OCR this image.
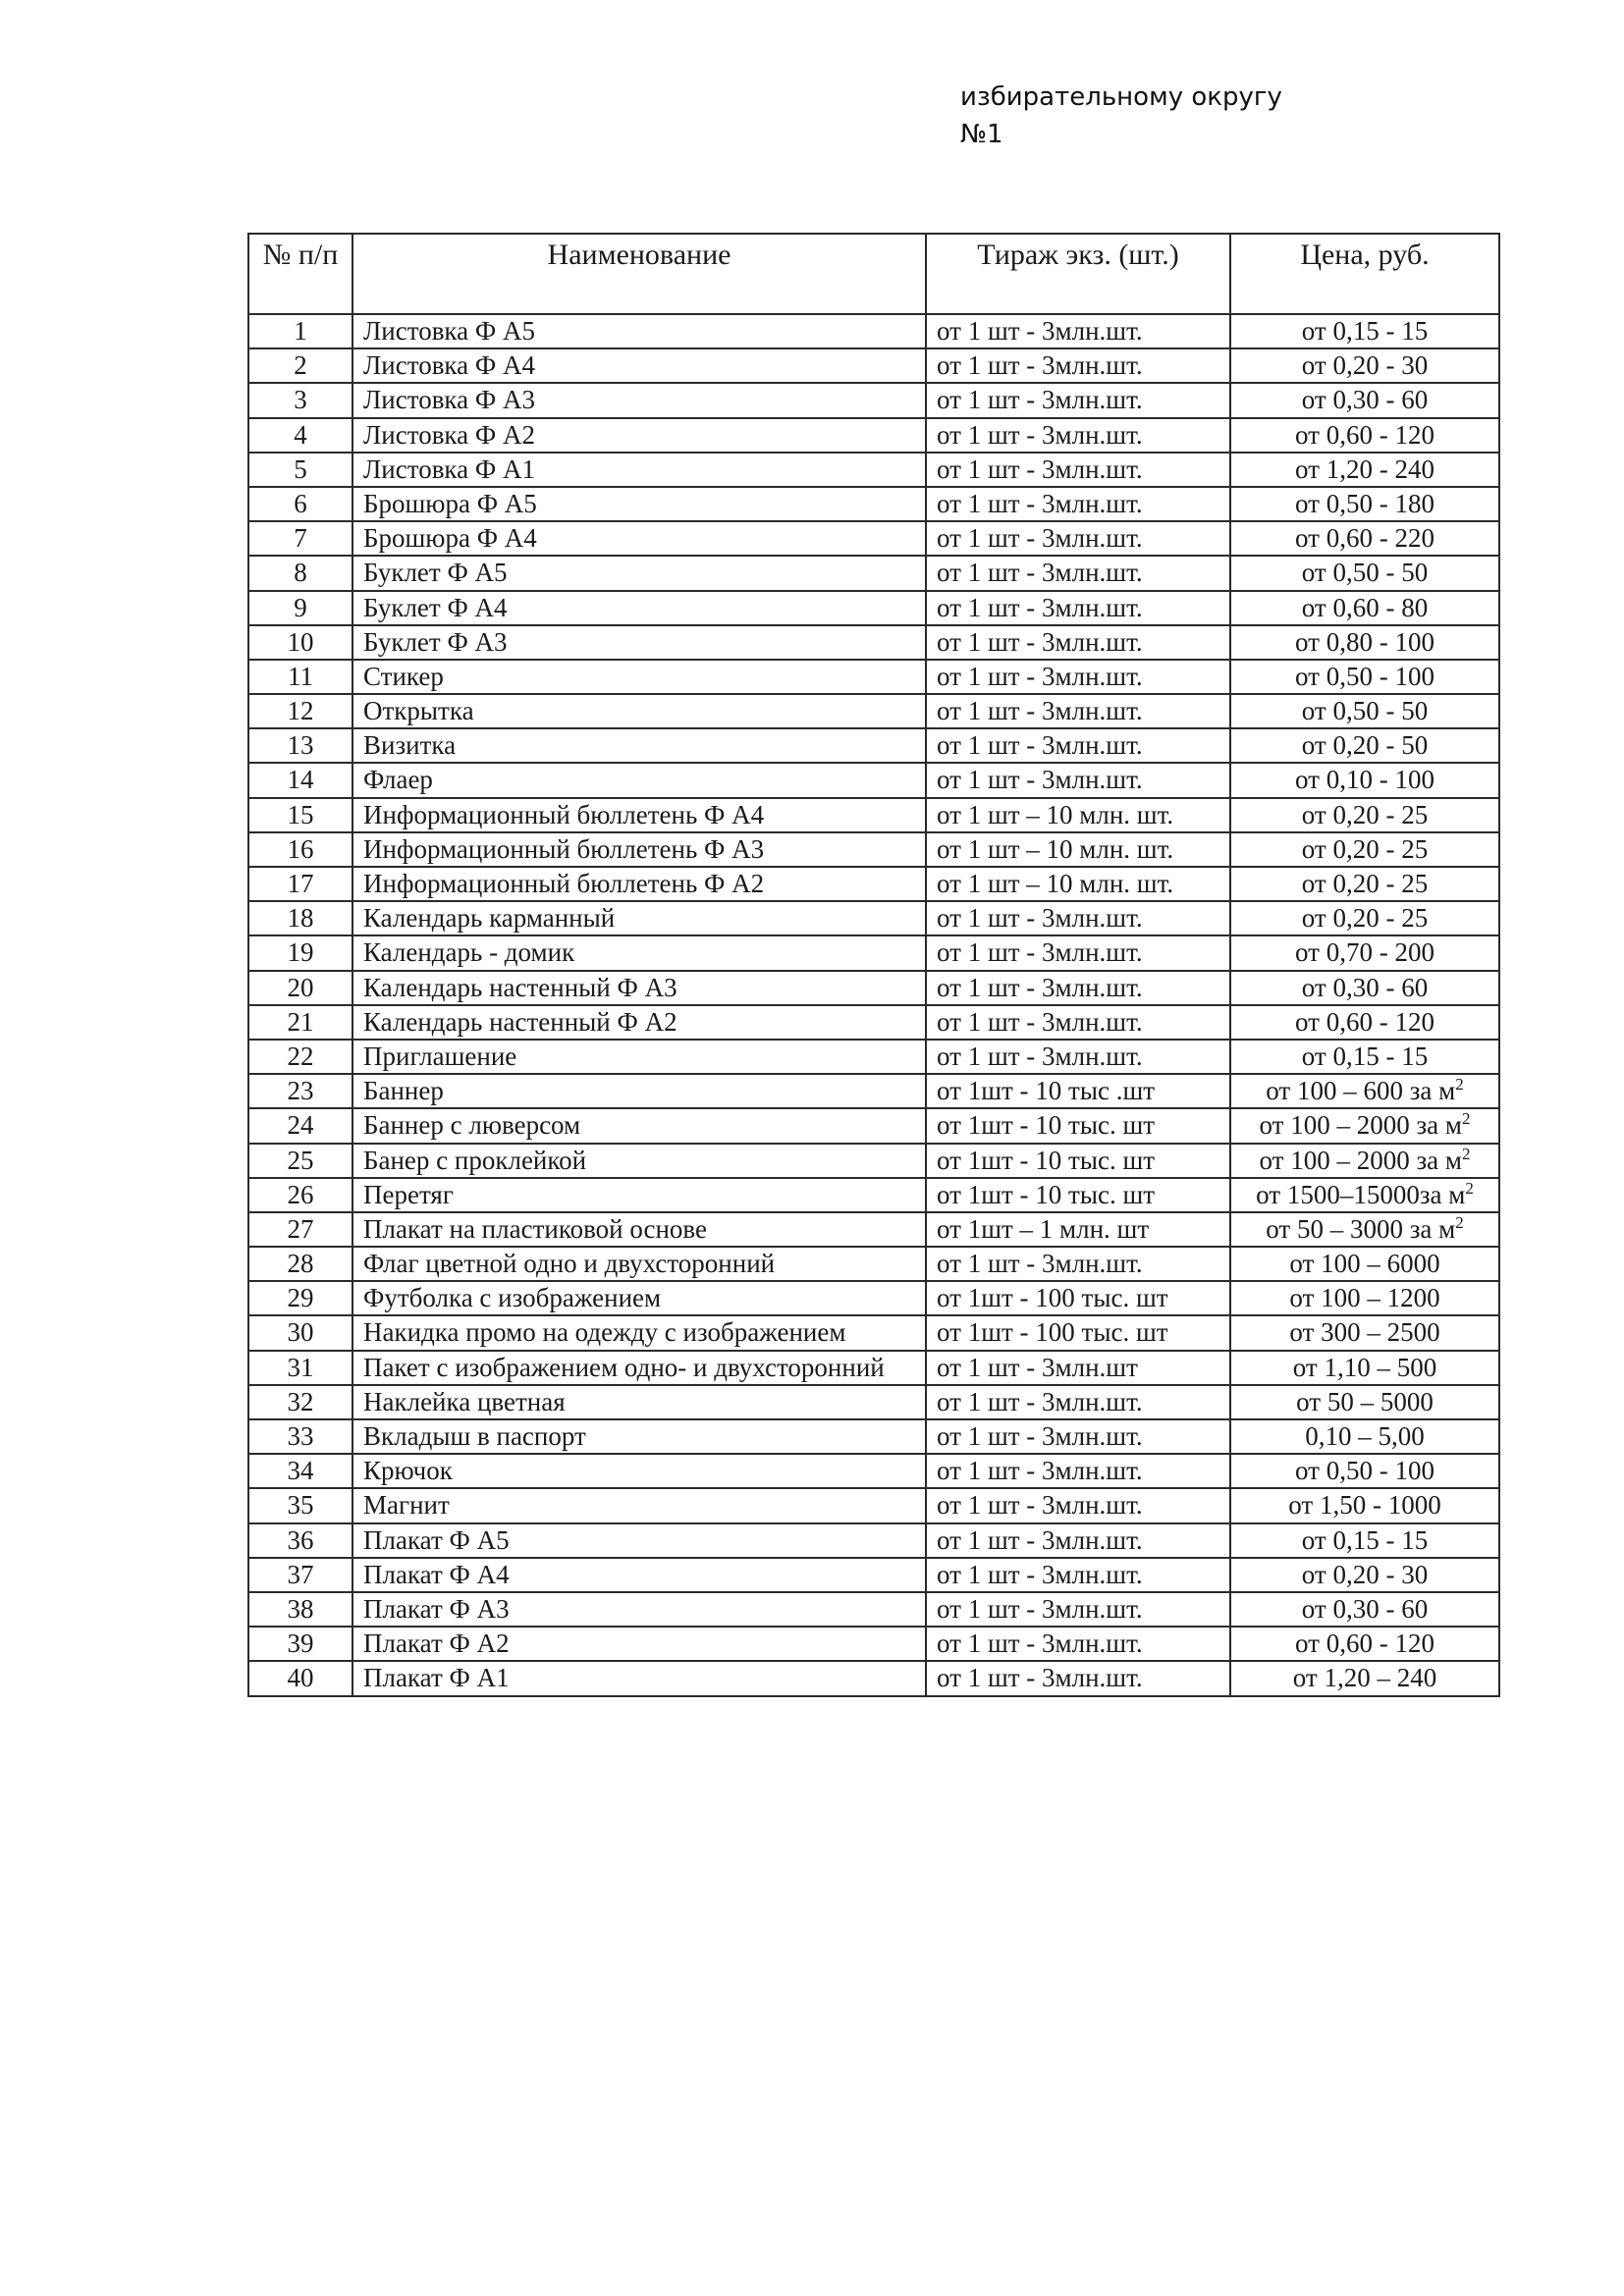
избирательному округу
№1
№ п/п	Наименование	Тираж экз. (шт.)	Цена, руб.
1	Листовка Ф А5	от 1 шт - 3млн.шт.	от 0,15 - 15
2	Листовка Ф А4	от 1 шт - 3млн.шт.	от 0,20 - 30
3	Листовка Ф А3	от 1 шт - 3млн.шт.	от 0,30 - 60
4	Листовка Ф А2	от 1 шт - 3млн.шт.	от 0,60 - 120
5	Листовка Ф А1	от 1 шт - 3млн.шт.	от 1,20 - 240
6	Брошюра Ф А5	от 1 шт - 3млн.шт.	от 0,50 - 180
7	Брошюра Ф А4	от 1 шт - 3млн.шт.	от 0,60 - 220
8	Буклет Ф А5	от 1 шт - 3млн.шт.	от 0,50 - 50
9	Буклет Ф А4	от 1 шт - 3млн.шт.	от 0,60 - 80
10	Буклет Ф А3	от 1 шт - 3млн.шт.	от 0,80 - 100
11	Стикер	от 1 шт - 3млн.шт.	от 0,50 - 100
12	Открытка	от 1 шт - 3млн.шт.	от 0,50 - 50
13	Визитка	от 1 шт - 3млн.шт.	от 0,20 - 50
14	Флаер	от 1 шт - 3млн.шт.	от 0,10 - 100
15	Информационный бюллетень Ф А4	от 1 шт – 10 млн. шт.	от 0,20 - 25
16	Информационный бюллетень Ф А3	от 1 шт – 10 млн. шт.	от 0,20 - 25
17	Информационный бюллетень Ф А2	от 1 шт – 10 млн. шт.	от 0,20 - 25
18	Календарь карманный	от 1 шт - 3млн.шт.	от 0,20 - 25
19	Календарь - домик	от 1 шт - 3млн.шт.	от 0,70 - 200
20	Календарь настенный Ф А3	от 1 шт - 3млн.шт.	от 0,30 - 60
21	Календарь настенный Ф А2	от 1 шт - 3млн.шт.	от 0,60 - 120
22	Приглашение	от 1 шт - 3млн.шт.	от 0,15 - 15
23	Баннер	от 1шт - 10 тыс .шт	от 100 – 600 за $м^2$
24	Баннер с люверсом	от 1шт - 10 тыс. шт	от 100 – 2000 за $м^2$
25	Банер с проклейкой	от 1шт - 10 тыс. шт	от 100 – 2000 за $м^2$
26	Перетяг	от 1шт - 10 тыс. шт	от 1500–15000за $м^2$
27	Плакат на пластиковой основе	от 1шт – 1 млн. шт	от 50 – 3000 за $м^2$
28	Флаг цветной одно и двухсторонний	от 1 шт - 3млн.шт.	от 100 – 6000
29	Футболка с изображением	от 1шт - 100 тыс. шт	от 100 – 1200
30	Накидка промо на одежду с изображением	от 1шт - 100 тыс. шт	от 300 – 2500
31	Пакет с изображением одно- и двухсторонний	от 1 шт - 3млн.шт	от 1,10 – 500
32	Наклейка цветная	от 1 шт - 3млн.шт.	от 50 – 5000
33	Вкладыш в паспорт	от 1 шт - 3млн.шт.	0,10 – 5,00
34	Крючок	от 1 шт - 3млн.шт.	от 0,50 - 100
35	Магнит	от 1 шт - 3млн.шт.	от 1,50 - 1000
36	Плакат Ф А5	от 1 шт - 3млн.шт.	от 0,15 - 15
37	Плакат Ф А4	от 1 шт - 3млн.шт.	от 0,20 - 30
38	Плакат Ф А3	от 1 шт - 3млн.шт.	от 0,30 - 60
39	Плакат Ф А2	от 1 шт - 3млн.шт.	от 0,60 - 120
40	Плакат Ф А1	от 1 шт - 3млн.шт.	от 1,20 – 240
